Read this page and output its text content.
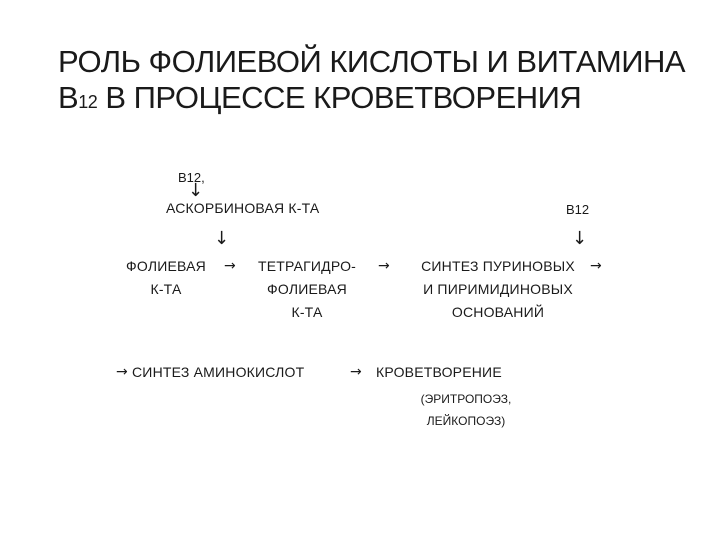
РОЛЬ ФОЛИЕВОЙ КИСЛОТЫ И ВИТАМИНА
В12 В ПРОЦЕССЕ КРОВЕТВОРЕНИЯ
В12,
↓
АСКОРБИНОВАЯ К-ТА	В12
↓	↓
ФОЛИЕВАЯ
К-ТА
→	ТЕТРАГИДРО-
ФОЛИЕВАЯ
К-ТА
→	СИНТЕЗ ПУРИНОВЫХ
И ПИРИМИДИНОВЫХ
ОСНОВАНИЙ
→
→ СИНТЕЗ АМИНОКИСЛОТ	→ КРОВЕТВОРЕНИЕ
(ЭРИТРОПОЭЗ,
ЛЕЙКОПОЭЗ)
